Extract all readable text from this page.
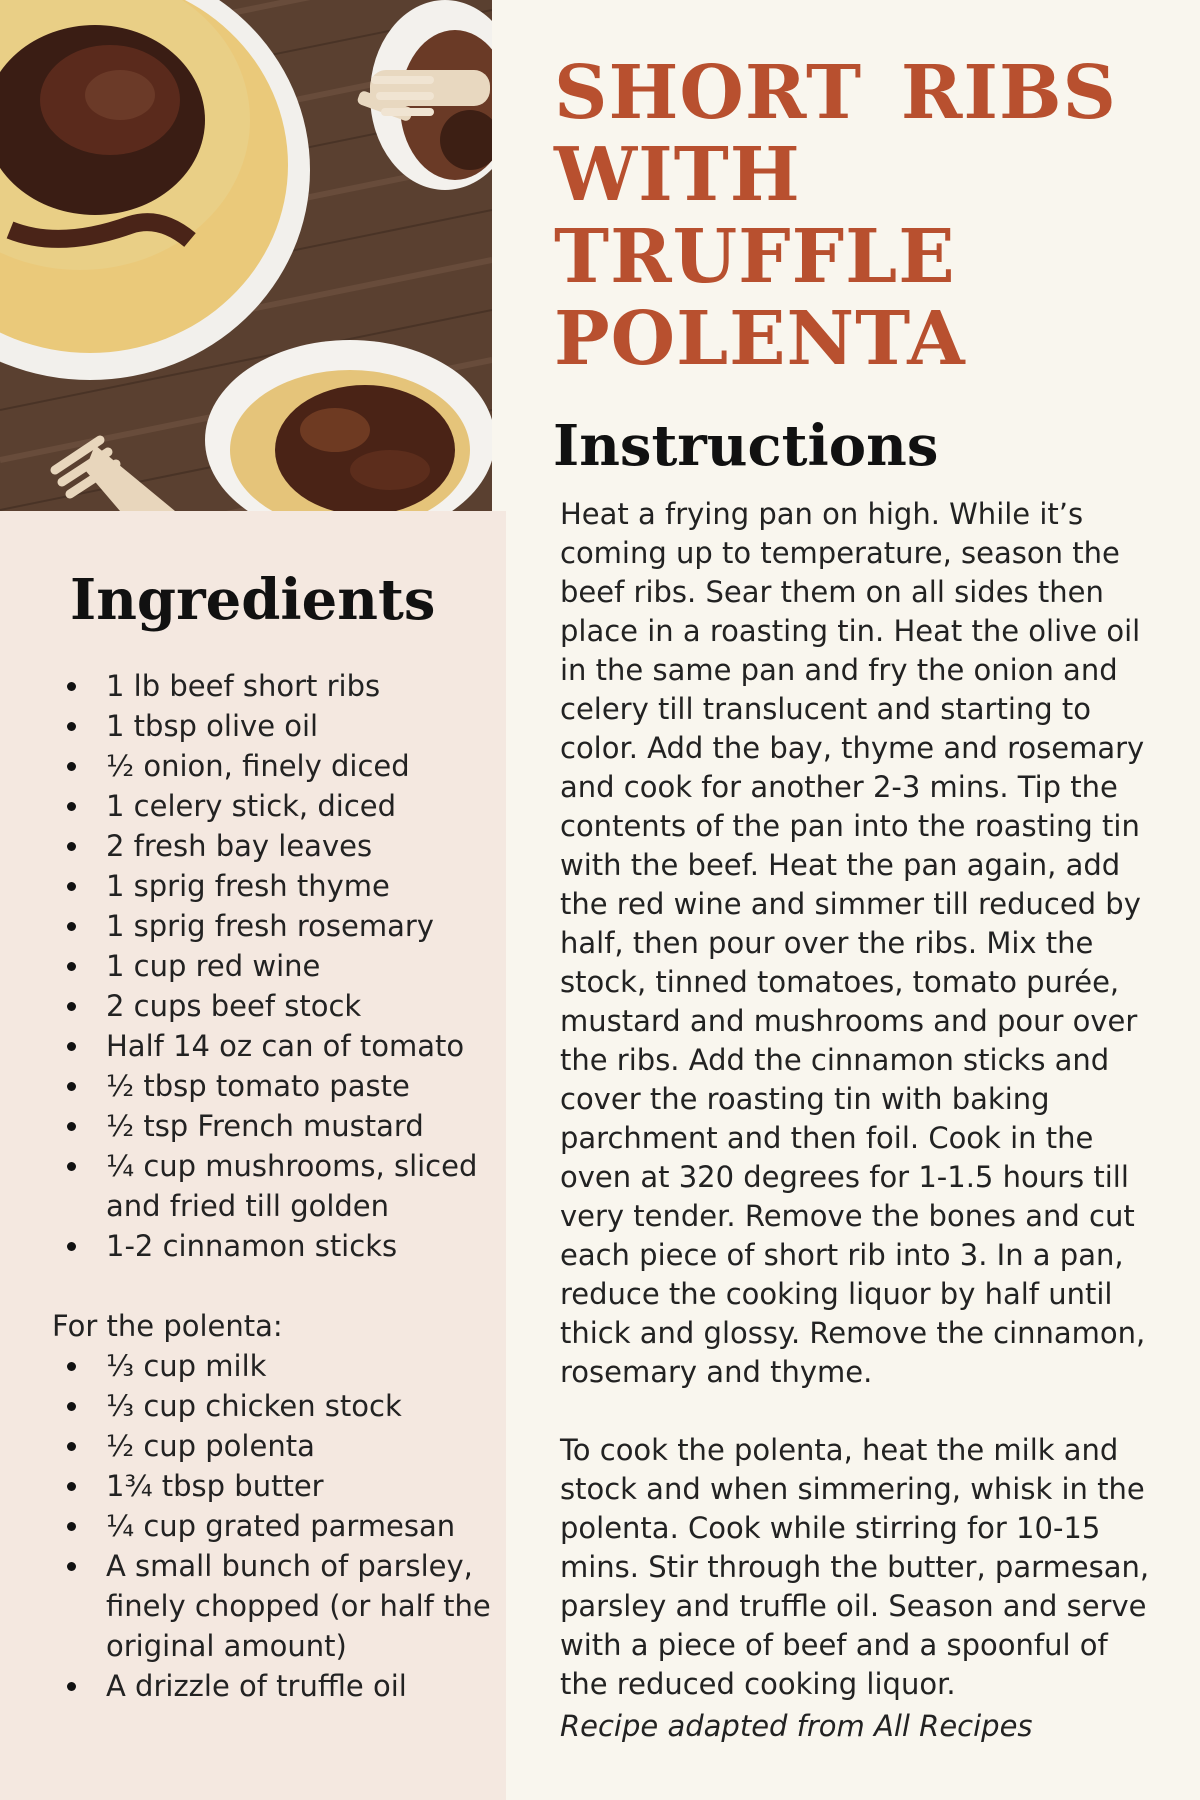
Ingredients
1 lb beef short ribs
1 tbsp olive oil
½ onion, finely diced
1 celery stick, diced
2 fresh bay leaves
1 sprig fresh thyme
1 sprig fresh rosemary
1 cup red wine
2 cups beef stock
Half 14 oz can of tomato
½ tbsp tomato paste
½ tsp French mustard
¼ cup mushrooms, sliced and fried till golden
1-2 cinnamon sticks

For the polenta:

⅓ cup milk
⅓ cup chicken stock
½ cup polenta
1¾ tbsp butter
¼ cup grated parmesan
A small bunch of parsley, finely chopped (or half the original amount)
A drizzle of truffle oil
SHORT RIBS
WITH
TRUFFLE
POLENTA
Instructions

Heat a frying pan on high. While it’s coming up to temperature, season the beef ribs. Sear them on all sides then place in a roasting tin. Heat the olive oil in the same pan and fry the onion and celery till translucent and starting to color. Add the bay, thyme and rosemary and cook for another 2-3 mins. Tip the contents of the pan into the roasting tin with the beef. Heat the pan again, add the red wine and simmer till reduced by half, then pour over the ribs. Mix the stock, tinned tomatoes, tomato purée, mustard and mushrooms and pour over the ribs. Add the cinnamon sticks and cover the roasting tin with baking parchment and then foil. Cook in the oven at 320 degrees for 1-1.5 hours till very tender. Remove the bones and cut each piece of short rib into 3. In a pan, reduce the cooking liquor by half until thick and glossy. Remove the cinnamon, rosemary and thyme.

To cook the polenta, heat the milk and stock and when simmering, whisk in the polenta. Cook while stirring for 10-15 mins. Stir through the butter, parmesan, parsley and truffle oil. Season and serve with a piece of beef and a spoonful of the reduced cooking liquor.

Recipe adapted from All Recipes
